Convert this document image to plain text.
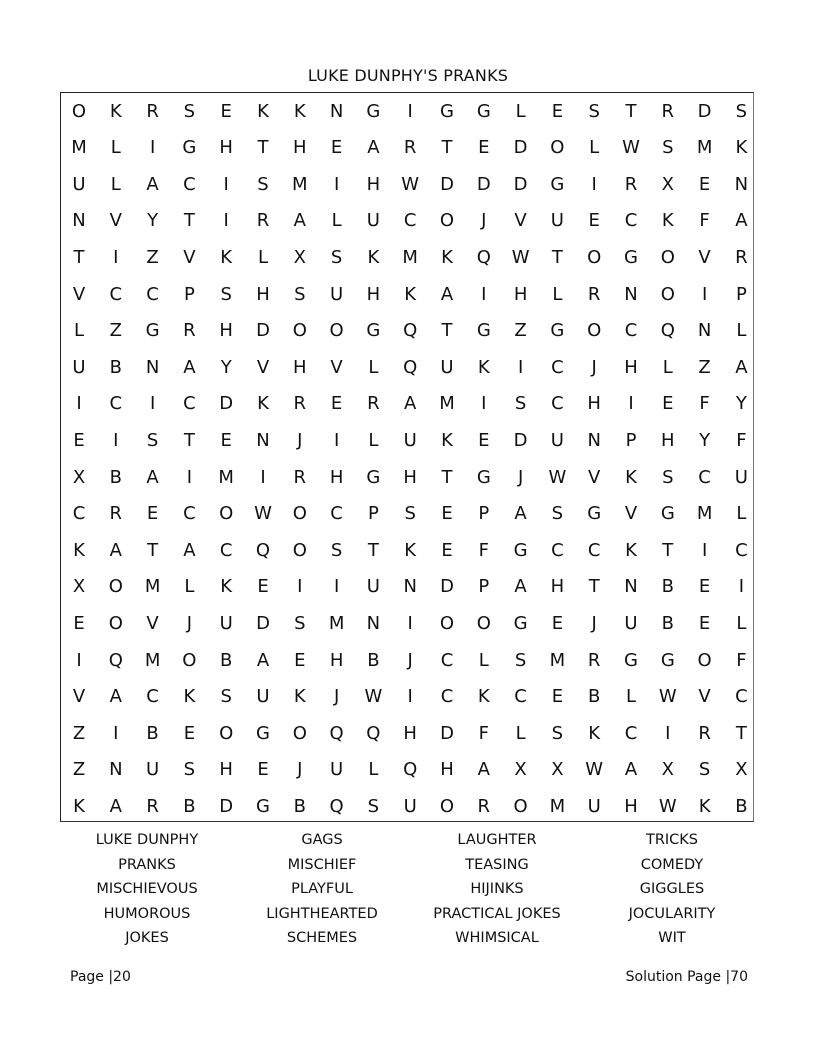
LUKE DUNPHY'S PRANKS
O	K	R	S	E	K	K	N	G	I	G	G	L	E	S	T	R	D	S
M	L	I	G	H	T	H	E	A	R	T	E	D	O	L	W	S	M	K
U	L	A	C	I	S	M	I	H	W	D	D	D	G	I	R	X	E	N
N	V	Y	T	I	R	A	L	U	C	O	J	V	U	E	C	K	F	A
T	I	Z	V	K	L	X	S	K	M	K	Q	W	T	O	G	O	V	R
V	C	C	P	S	H	S	U	H	K	A	I	H	L	R	N	O	I	P
L	Z	G	R	H	D	O	O	G	Q	T	G	Z	G	O	C	Q	N	L
U	B	N	A	Y	V	H	V	L	Q	U	K	I	C	J	H	L	Z	A
I	C	I	C	D	K	R	E	R	A	M	I	S	C	H	I	E	F	Y
E	I	S	T	E	N	J	I	L	U	K	E	D	U	N	P	H	Y	F
X	B	A	I	M	I	R	H	G	H	T	G	J	W	V	K	S	C	U
C	R	E	C	O	W	O	C	P	S	E	P	A	S	G	V	G	M	L
K	A	T	A	C	Q	O	S	T	K	E	F	G	C	C	K	T	I	C
X	O	M	L	K	E	I	I	U	N	D	P	A	H	T	N	B	E	I
E	O	V	J	U	D	S	M	N	I	O	O	G	E	J	U	B	E	L
I	Q	M	O	B	A	E	H	B	J	C	L	S	M	R	G	G	O	F
V	A	C	K	S	U	K	J	W	I	C	K	C	E	B	L	W	V	C
Z	I	B	E	O	G	O	Q	Q	H	D	F	L	S	K	C	I	R	T
Z	N	U	S	H	E	J	U	L	Q	H	A	X	X	W	A	X	S	X
K	A	R	B	D	G	B	Q	S	U	O	R	O	M	U	H	W	K	B
LUKE DUNPHY	GAGS	LAUGHTER	TRICKS
PRANKS	MISCHIEF	TEASING	COMEDY
MISCHIEVOUS	PLAYFUL	HIJINKS	GIGGLES
HUMOROUS	LIGHTHEARTED	PRACTICAL JOKES	JOCULARITY
JOKES	SCHEMES	WHIMSICAL	WIT
Page |20	Solution Page |70
